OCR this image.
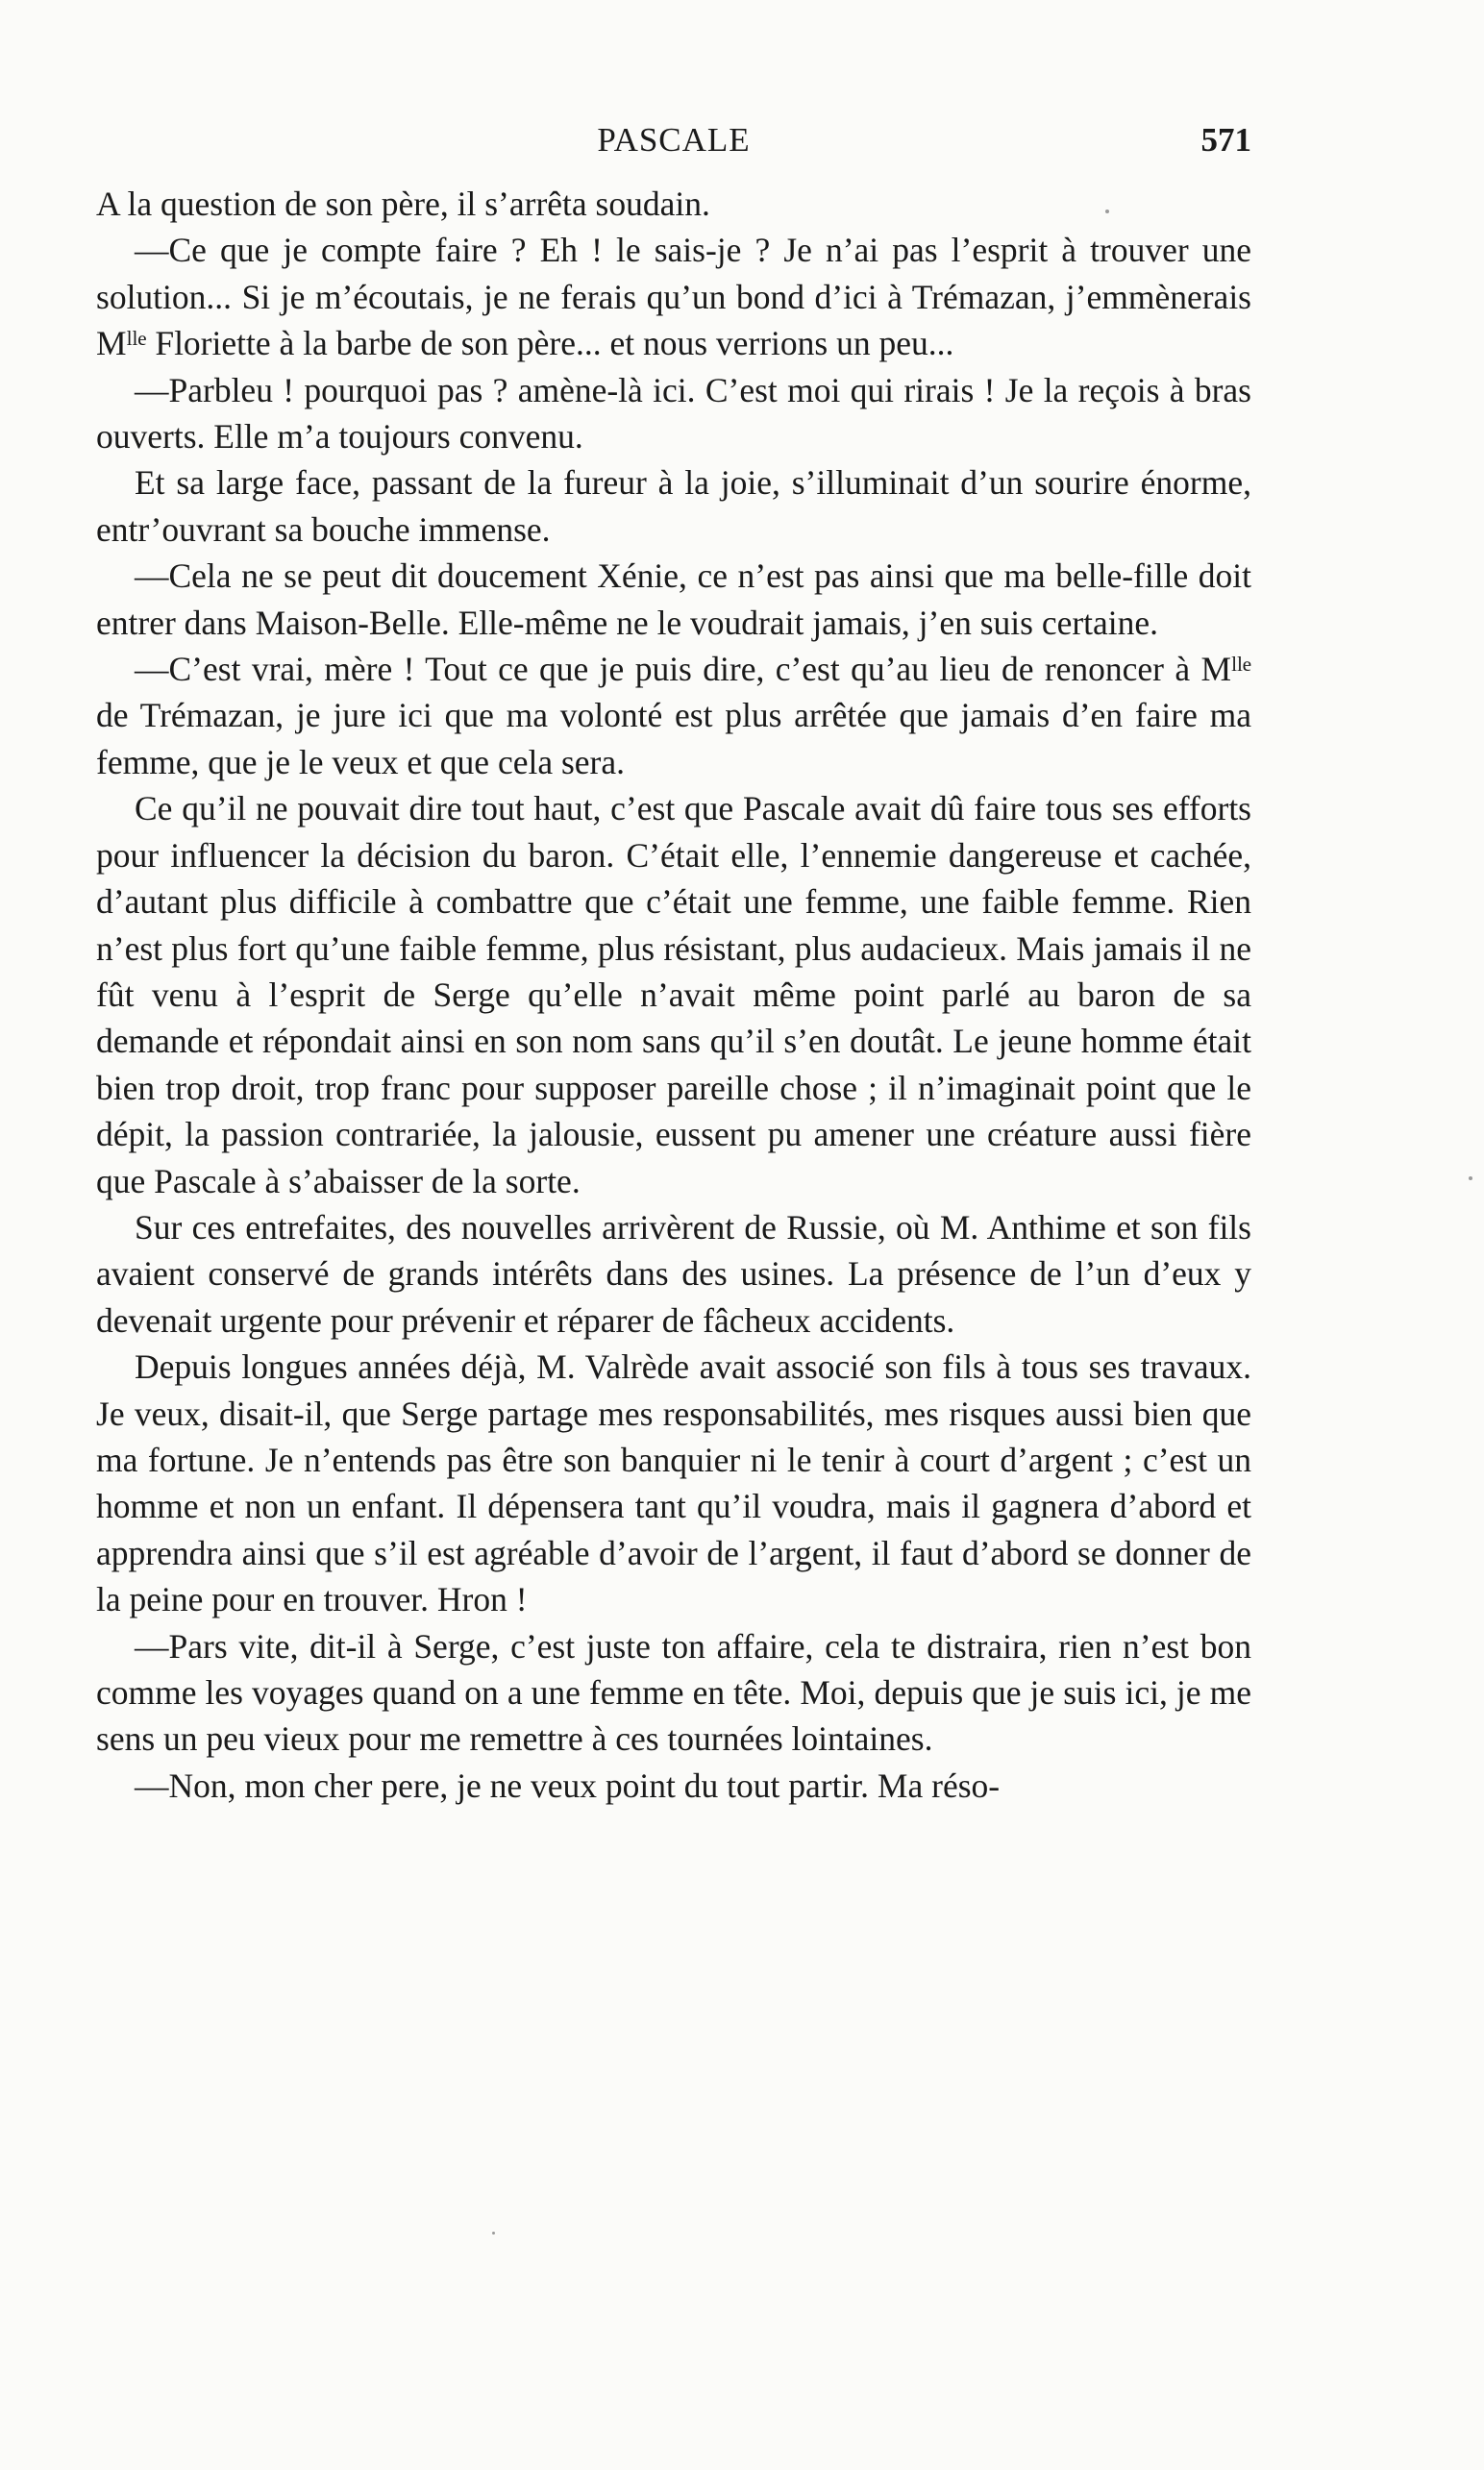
PASCALE	571

A la question de son père, il s’arrêta soudain.

—Ce que je compte faire ? Eh ! le sais-je ? Je n’ai pas l’esprit à trouver une solution... Si je m’écoutais, je ne ferais qu’un bond d’ici à Trémazan, j’emmènerais Mˡˡᵉ Floriette à la barbe de son père... et nous verrions un peu...

—Parbleu ! pourquoi pas ? amène-là ici. C’est moi qui rirais ! Je la reçois à bras ouverts. Elle m’a toujours convenu.

Et sa large face, passant de la fureur à la joie, s’illuminait d’un sourire énorme, entr’ouvrant sa bouche immense.

—Cela ne se peut dit doucement Xénie, ce n’est pas ainsi que ma belle-fille doit entrer dans Maison-Belle. Elle-même ne le voudrait jamais, j’en suis certaine.

—C’est vrai, mère ! Tout ce que je puis dire, c’est qu’au lieu de renoncer à Mˡˡᵉ de Trémazan, je jure ici que ma volonté est plus arrêtée que jamais d’en faire ma femme, que je le veux et que cela sera.

Ce qu’il ne pouvait dire tout haut, c’est que Pascale avait dû faire tous ses efforts pour influencer la décision du baron. C’était elle, l’ennemie dangereuse et cachée, d’autant plus difficile à combattre que c’était une femme, une faible femme. Rien n’est plus fort qu’une faible femme, plus résistant, plus audacieux. Mais jamais il ne fût venu à l’esprit de Serge qu’elle n’avait même point parlé au baron de sa demande et répondait ainsi en son nom sans qu’il s’en doutât. Le jeune homme était bien trop droit, trop franc pour supposer pareille chose ; il n’imaginait point que le dépit, la passion contrariée, la jalousie, eussent pu amener une créature aussi fière que Pascale à s’abaisser de la sorte.

Sur ces entrefaites, des nouvelles arrivèrent de Russie, où M. Anthime et son fils avaient conservé de grands intérêts dans des usines. La présence de l’un d’eux y devenait urgente pour prévenir et réparer de fâcheux accidents.

Depuis longues années déjà, M. Valrède avait associé son fils à tous ses travaux. Je veux, disait-il, que Serge partage mes responsabilités, mes risques aussi bien que ma fortune. Je n’entends pas être son banquier ni le tenir à court d’argent ; c’est un homme et non un enfant. Il dépensera tant qu’il voudra, mais il gagnera d’abord et apprendra ainsi que s’il est agréable d’avoir de l’argent, il faut d’abord se donner de la peine pour en trouver. Hron !

—Pars vite, dit-il à Serge, c’est juste ton affaire, cela te distraira, rien n’est bon comme les voyages quand on a une femme en tête. Moi, depuis que je suis ici, je me sens un peu vieux pour me remettre à ces tournées lointaines.

—Non, mon cher pere, je ne veux point du tout partir. Ma réso-
